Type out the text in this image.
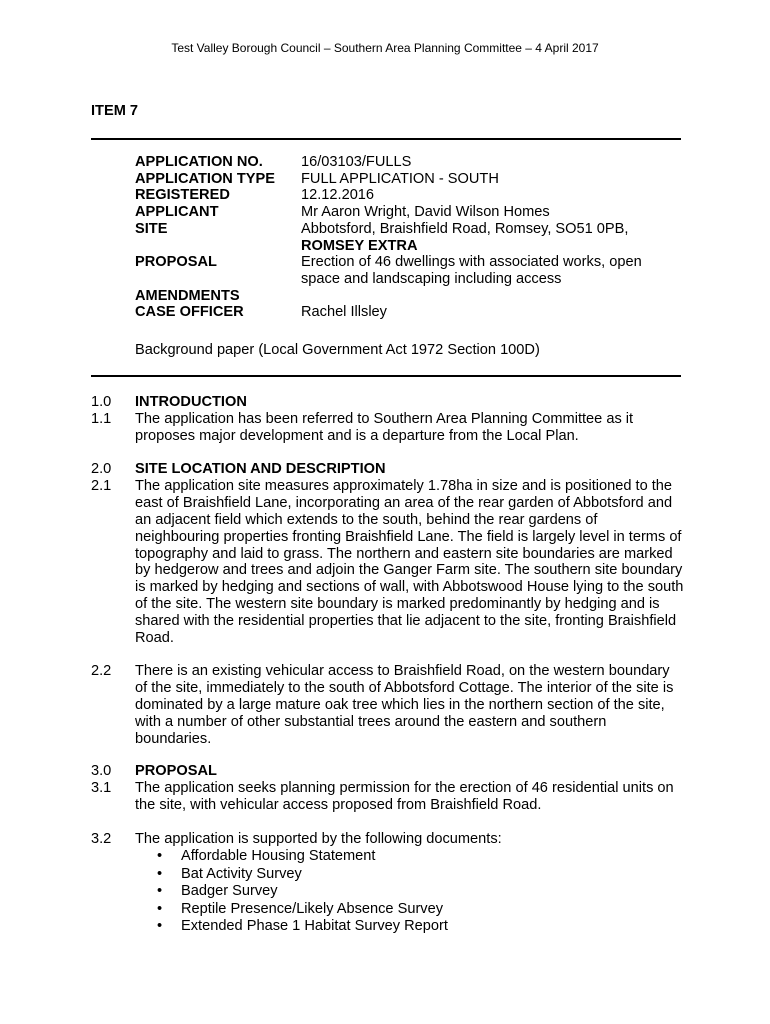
Test Valley Borough Council – Southern Area Planning Committee – 4 April 2017
ITEM 7
APPLICATION NO.	16/03103/FULLS
APPLICATION TYPE	FULL APPLICATION - SOUTH
REGISTERED	12.12.2016
APPLICANT	Mr Aaron Wright, David Wilson Homes
SITE	Abbotsford, Braishfield Road, Romsey, SO51 0PB,
ROMSEY EXTRA
PROPOSAL	Erection of 46 dwellings with associated works, open space and landscaping including access
AMENDMENTS
CASE OFFICER	Rachel Illsley
Background paper (Local Government Act 1972 Section 100D)
1.0	INTRODUCTION
1.1	The application has been referred to Southern Area Planning Committee as it proposes major development and is a departure from the Local Plan.
2.0	SITE LOCATION AND DESCRIPTION
2.1	The application site measures approximately 1.78ha in size and is positioned to the east of Braishfield Lane, incorporating an area of the rear garden of Abbotsford and an adjacent field which extends to the south, behind the rear gardens of neighbouring properties fronting Braishfield Lane. The field is largely level in terms of topography and laid to grass. The northern and eastern site boundaries are marked by hedgerow and trees and adjoin the Ganger Farm site. The southern site boundary is marked by hedging and sections of wall, with Abbotswood House lying to the south of the site. The western site boundary is marked predominantly by hedging and is shared with the residential properties that lie adjacent to the site, fronting Braishfield Road.
2.2	There is an existing vehicular access to Braishfield Road, on the western boundary of the site, immediately to the south of Abbotsford Cottage. The interior of the site is dominated by a large mature oak tree which lies in the northern section of the site, with a number of other substantial trees around the eastern and southern boundaries.
3.0	PROPOSAL
3.1	The application seeks planning permission for the erection of 46 residential units on the site, with vehicular access proposed from Braishfield Road.
3.2	The application is supported by the following documents:
•	Affordable Housing Statement
•	Bat Activity Survey
•	Badger Survey
•	Reptile Presence/Likely Absence Survey
•	Extended Phase 1 Habitat Survey Report
